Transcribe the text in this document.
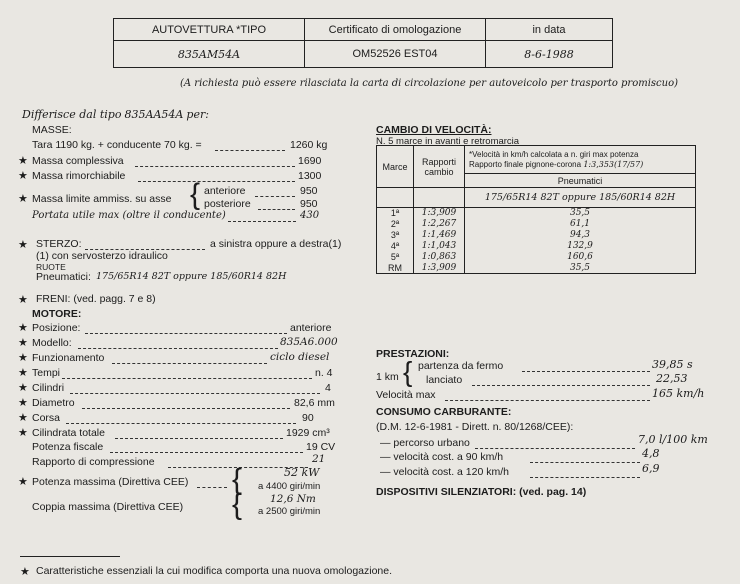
AUTOVETTURA *TIPO	Certificato di omologazione	in data
835AM54A	OM52526 EST04	8-6-1988
(A richiesta può essere rilasciata la carta di circolazione per autoveicolo per trasporto promiscuo)
Differisce dal tipo 835AA54A per:
MASSE:
Tara 1190 kg. + conducente 70 kg. =	1260 kg
★ Massa complessiva	1690
★ Massa rimorchiabile	1300
★ Massa limite ammiss. su asse { anteriore	950
posteriore	950
Portata utile max (oltre il conducente)	430
★ STERZO:	a sinistra oppure a destra(1)
(1) con servosterzo idraulico
RUOTE
Pneumatici: 175/65R14 82T oppure 185/60R14 82H
★ FRENI: (ved. pagg. 7 e 8)
MOTORE:
★ Posizione:	anteriore
★ Modello:	835A6.000
★ Funzionamento	ciclo diesel
★ Tempi	n. 4
★ Cilindri	4
★ Diametro	82,6 mm
★ Corsa	90
★ Cilindrata totale	1929 cm³
Potenza fiscale	19 CV
Rapporto di compressione	21
★ Potenza massima (Direttiva CEE) {	52 kW
a 4400 giri/min
Coppia massima (Direttiva CEE) {	12,6 Nm
a 2500 giri/min
★ Caratteristiche essenziali la cui modifica comporta una nuova omologazione.
CAMBIO DI VELOCITÀ:
N. 5 marce in avanti e retromarcia
Marce	Rapporti cambio	*Velocità in km/h calcolata a n. giri max potenza
Rapporto finale pignone-corona 1:3,353(17/57)

		Pneumatici
		175/65R14 82T oppure 185/60R14 82H
1ª	1:3,909	35,5
2ª	1:2,267	61,1
3ª	1:1,469	94,3
4ª	1:1,043	132,9
5ª	1:0,863	160,6
RM	1:3,909	35,5
PRESTAZIONI:
1 km { partenza da fermo	39,85 s
lanciato	22,53
Velocità max	165 km/h
CONSUMO CARBURANTE:
(D.M. 12-6-1981 - Dirett. n. 80/1268/CEE):
— percorso urbano	7,0 l/100 km
— velocità cost. a 90 km/h	4,8
— velocità cost. a 120 km/h	6,9
DISPOSITIVI SILENZIATORI: (ved. pag. 14)
